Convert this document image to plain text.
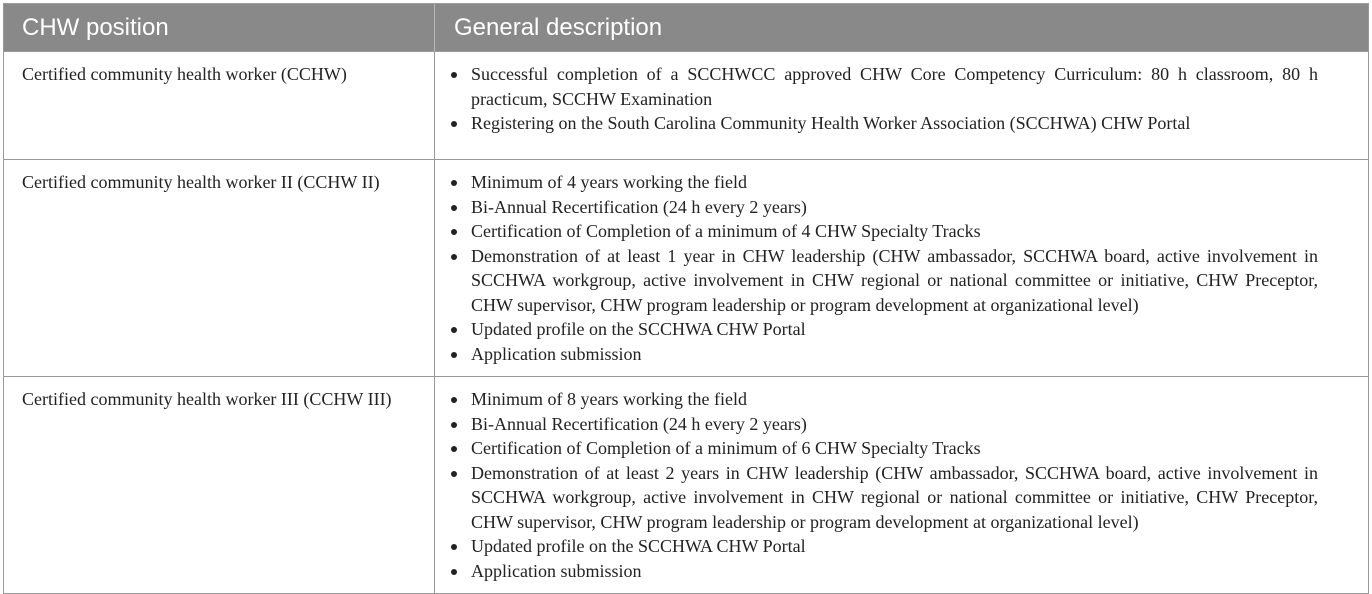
CHW position	General description
Certified community health worker (CCHW)	Successful completion of a SCCHWCC approved CHW Core Competency Curriculum: 80 h classroom, 80 h practicum, SCCHW Examination
Registering on the South Carolina Community Health Worker Association (SCCHWA) CHW Portal
Certified community health worker II (CCHW II)	Minimum of 4 years working the field
Bi-Annual Recertification (24 h every 2 years)
Certification of Completion of a minimum of 4 CHW Specialty Tracks
Demonstration of at least 1 year in CHW leadership (CHW ambassador, SCCHWA board, active involvement in SCCHWA workgroup, active involvement in CHW regional or national committee or initiative, CHW Preceptor, CHW supervisor, CHW program leadership or program development at organizational level)
Updated profile on the SCCHWA CHW Portal
Application submission
Certified community health worker III (CCHW III)	Minimum of 8 years working the field
Bi-Annual Recertification (24 h every 2 years)
Certification of Completion of a minimum of 6 CHW Specialty Tracks
Demonstration of at least 2 years in CHW leadership (CHW ambassador, SCCHWA board, active involvement in SCCHWA workgroup, active involvement in CHW regional or national committee or initiative, CHW Preceptor, CHW supervisor, CHW program leadership or program development at organizational level)
Updated profile on the SCCHWA CHW Portal
Application submission
